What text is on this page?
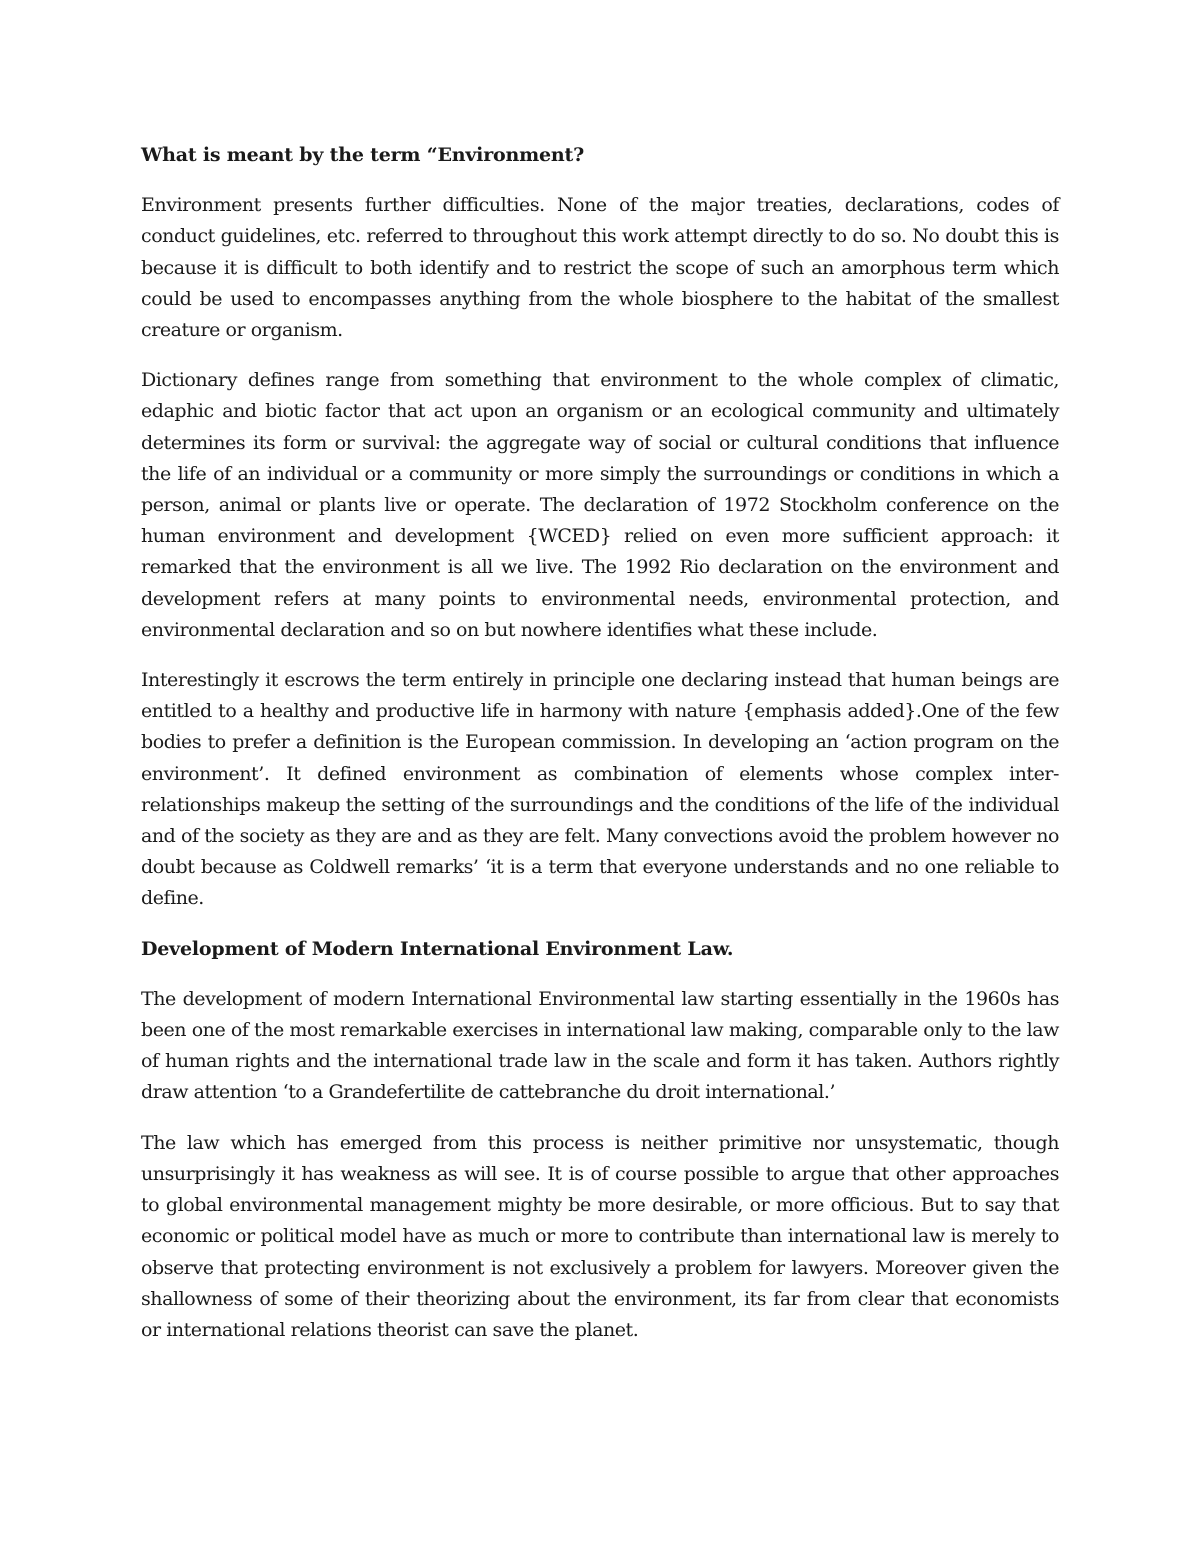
What is meant by the term “Environment?

Environment presents further difficulties. None of the major treaties, declarations, codes of conduct guidelines, etc. referred to throughout this work attempt directly to do so. No doubt this is because it is difficult to both identify and to restrict the scope of such an amorphous term which could be used to encompasses anything from the whole biosphere to the habitat of the smallest creature or organism.

Dictionary defines range from something that environment to the whole complex of climatic, edaphic and biotic factor that act upon an organism or an ecological community and ultimately determines its form or survival: the aggregate way of social or cultural conditions that influence the life of an individual or a community or more simply the surroundings or conditions in which a person, animal or plants live or operate. The declaration of 1972 Stockholm conference on the human environment and development {WCED} relied on even more sufficient approach: it remarked that the environment is all we live. The 1992 Rio declaration on the environment and development refers at many points to environmental needs, environmental protection, and environmental declaration and so on but nowhere identifies what these include.

Interestingly it escrows the term entirely in principle one declaring instead that human beings are entitled to a healthy and productive life in harmony with nature {emphasis added}.One of the few bodies to prefer a definition is the European commission. In developing an ‘action program on the environment’. It defined environment as combination of elements whose complex inter-relationships makeup the setting of the surroundings and the conditions of the life of the individual and of the society as they are and as they are felt. Many convections avoid the problem however no doubt because as Coldwell remarks’ ‘it is a term that everyone understands and no one reliable to define.

Development of Modern International Environment Law.

The development of modern International Environmental law starting essentially in the 1960s has been one of the most remarkable exercises in international law making, comparable only to the law of human rights and the international trade law in the scale and form it has taken. Authors rightly draw attention ‘to a Grandefertilite de cattebranche du droit international.’

The law which has emerged from this process is neither primitive nor unsystematic, though unsurprisingly it has weakness as will see. It is of course possible to argue that other approaches to global environmental management mighty be more desirable, or more officious. But to say that economic or political model have as much or more to contribute than international law is merely to observe that protecting environment is not exclusively a problem for lawyers. Moreover given the shallowness of some of their theorizing about the environment, its far from clear that economists or international relations theorist can save the planet.
